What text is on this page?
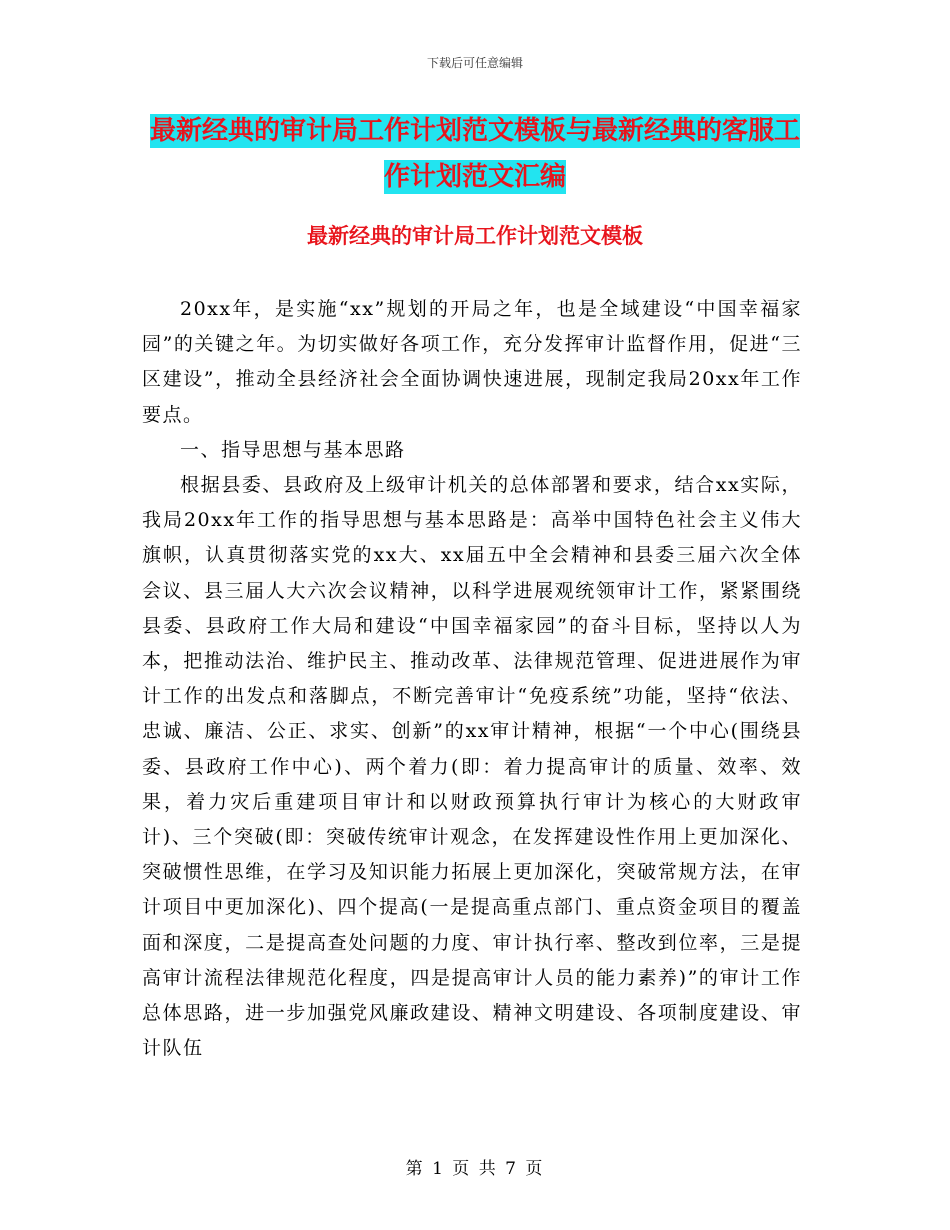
下载后可任意编辑
最新经典的审计局工作计划范文模板与最新经典的客服工作计划范文汇编
最新经典的审计局工作计划范文模板

20xx年，是实施“xx”规划的开局之年，也是全域建设“中国幸福家园”的关键之年。为切实做好各项工作，充分发挥审计监督作用，促进“三区建设”，推动全县经济社会全面协调快速进展，现制定我局20xx年工作要点。

一、指导思想与基本思路

根据县委、县政府及上级审计机关的总体部署和要求，结合xx实际，我局20xx年工作的指导思想与基本思路是：高举中国特色社会主义伟大旗帜，认真贯彻落实党的xx大、xx届五中全会精神和县委三届六次全体会议、县三届人大六次会议精神，以科学进展观统领审计工作，紧紧围绕县委、县政府工作大局和建设“中国幸福家园”的奋斗目标，坚持以人为本，把推动法治、维护民主、推动改革、法律规范管理、促进进展作为审计工作的出发点和落脚点，不断完善审计“免疫系统”功能，坚持“依法、忠诚、廉洁、公正、求实、创新”的xx审计精神，根据“一个中心(围绕县委、县政府工作中心)、两个着力(即：着力提高审计的质量、效率、效果，着力灾后重建项目审计和以财政预算执行审计为核心的大财政审计)、三个突破(即：突破传统审计观念，在发挥建设性作用上更加深化、突破惯性思维，在学习及知识能力拓展上更加深化，突破常规方法，在审计项目中更加深化)、四个提高(一是提高重点部门、重点资金项目的覆盖面和深度，二是提高查处问题的力度、审计执行率、整改到位率，三是提高审计流程法律规范化程度，四是提高审计人员的能力素养)”的审计工作总体思路，进一步加强党风廉政建设、精神文明建设、各项制度建设、审计队伍

第 1 页 共 7 页
